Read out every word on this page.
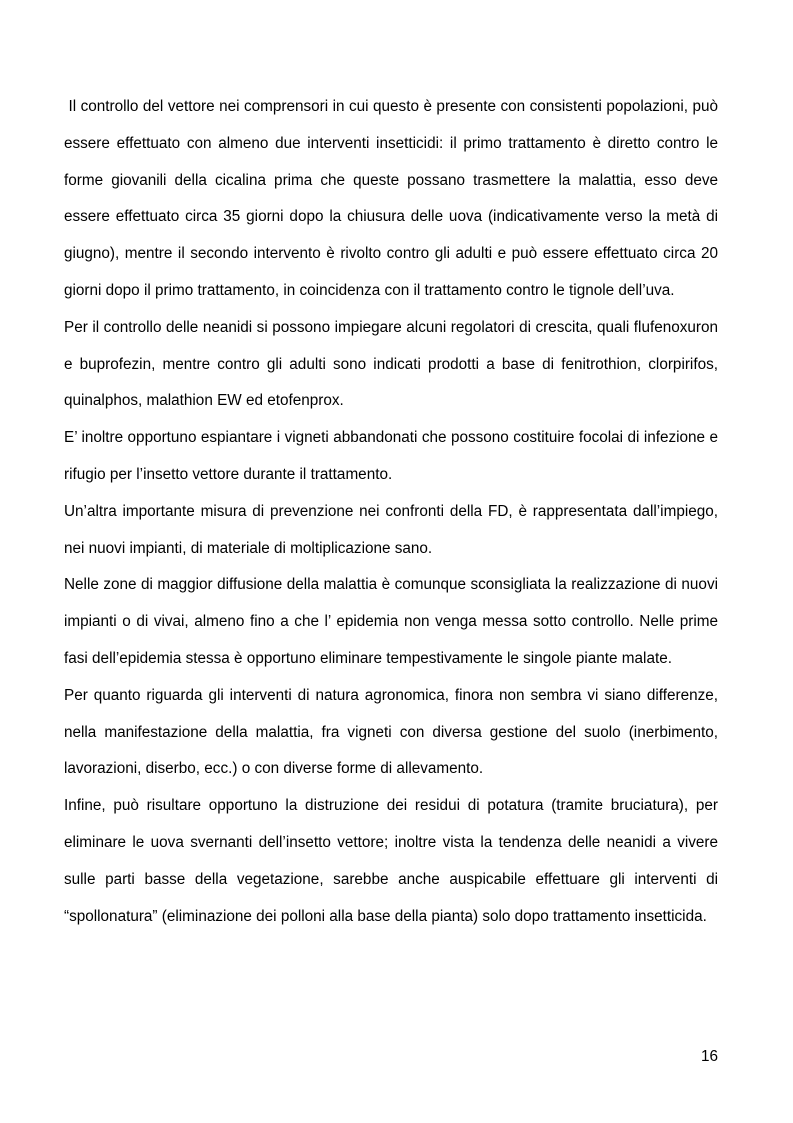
Il controllo del vettore nei comprensori in cui questo è presente con consistenti popolazioni, può essere effettuato con almeno due interventi insetticidi: il primo trattamento è diretto contro le forme giovanili della cicalina prima che queste possano trasmettere la malattia, esso deve essere effettuato circa 35 giorni dopo la chiusura delle uova (indicativamente verso la metà di giugno), mentre il secondo intervento è rivolto contro gli adulti e può essere effettuato circa 20 giorni dopo il primo trattamento, in coincidenza con il trattamento contro le tignole dell’uva.

Per il controllo delle neanidi si possono impiegare alcuni regolatori di crescita, quali flufenoxuron e buprofezin, mentre contro gli adulti sono indicati prodotti a base di fenitrothion, clorpirifos, quinalphos, malathion EW ed etofenprox.

E’ inoltre opportuno espiantare i vigneti abbandonati che possono costituire focolai di infezione e rifugio per l’insetto vettore durante il trattamento.

Un’altra importante misura di prevenzione nei confronti della FD, è rappresentata dall’impiego, nei nuovi impianti, di materiale di moltiplicazione sano.

Nelle zone di maggior diffusione della malattia è comunque sconsigliata la realizzazione di nuovi impianti o di vivai, almeno fino a che l’ epidemia non venga messa sotto controllo. Nelle prime fasi dell’epidemia stessa è opportuno eliminare tempestivamente le singole piante malate.

Per quanto riguarda gli interventi di natura agronomica, finora non sembra vi siano differenze, nella manifestazione della malattia, fra vigneti con diversa gestione del suolo (inerbimento, lavorazioni, diserbo, ecc.) o con diverse forme di allevamento.

Infine, può risultare opportuno la distruzione dei residui di potatura (tramite bruciatura), per eliminare le uova svernanti dell’insetto vettore; inoltre vista la tendenza delle neanidi a vivere sulle parti basse della vegetazione, sarebbe anche auspicabile effettuare gli interventi di “spollonatura” (eliminazione dei polloni alla base della pianta) solo dopo trattamento insetticida.

16
